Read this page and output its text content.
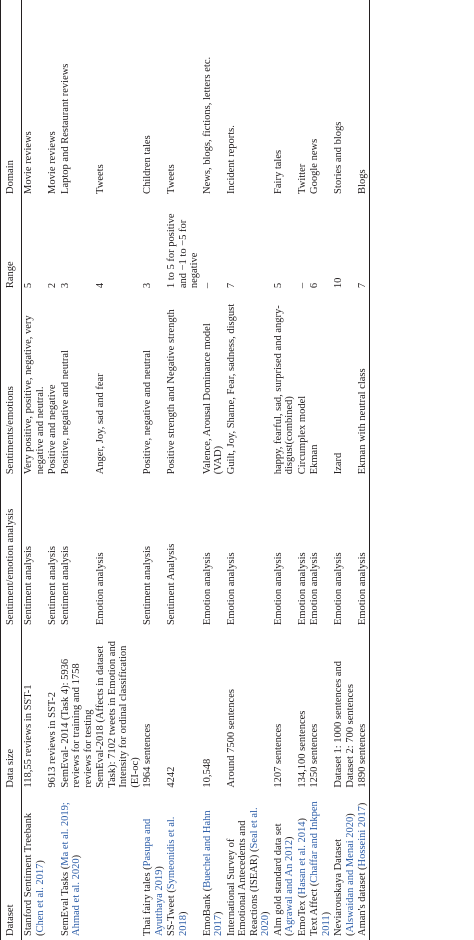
Dataset	Data size	Sentiment/emotion analysis	Sentiments/emotions	Range	Domain
Stanford Sentiment Treebank (Chen et al. 2017)	118,55 reviews in SST-1	Sentiment analysis	Very positive, positive, negative, very negative and neutral.	5	Movie reviews
	9613 reviews in SST-2	Sentiment analysis	Positive and negative	2	Movie reviews
SemEval Tasks (Ma et al. 2019; Ahmad et al. 2020)	SemEval- 2014 (Task 4): 5936 reviews for training and 1758 reviews for testing	Sentiment analysis	Positive, negative and neutral	3	Laptop and Restaurant reviews
	SemEval-2018 (Affects in dataset Task): 7102 tweets in Emotion and Intensity for ordinal classification (EI-oc)	Emotion analysis	Anger, Joy, sad and fear	4	Tweets
Thai fairy tales (Pasupa and Ayutthaya 2019)	1964 sentences	Sentiment analysis	Positive, negative and neutral	3	Children tales
SS-Tweet (Symeonidis et al. 2018)	4242	Sentiment Analysis	Positive strength and Negative strength	1 to 5 for positive and −1 to −5 for negative	Tweets
EmoBank (Buechel and Hahn 2017)	10,548	Emotion analysis	Valence, Arousal Dominance model (VAD)	–	News, blogs, fictions, letters etc.
International Survey of Emotional Antecedents and Reactions (ISEAR) (Seal et al. 2020)	Around 7500 sentences	Emotion analysis	Guilt, Joy, Shame, Fear, sadness, disgust	7	Incident reports.
Alm gold standard data set (Agrawal and An 2012)	1207 sentences	Emotion analysis	happy, fearful, sad, surprised and angry-disgust(combined)	5	Fairy tales
EmoTex (Hasan et al. 2014)	134,100 sentences	Emotion analysis	Circumplex model	–	Twitter
Text Affect (Chaffar and Inkpen 2011)	1250 sentences	Emotion analysis	Ekman	6	Google news
Neviarouskaya Dataset (Alswaidan and Menai 2020)	Dataset 1: 1000 sentences and Dataset 2: 700 sentences	Emotion analysis	Izard	10	Stories and blogs
Aman's dataset (Hosseini 2017)	1890 sentences	Emotion analysis	Ekman with neutral class	7	Blogs
